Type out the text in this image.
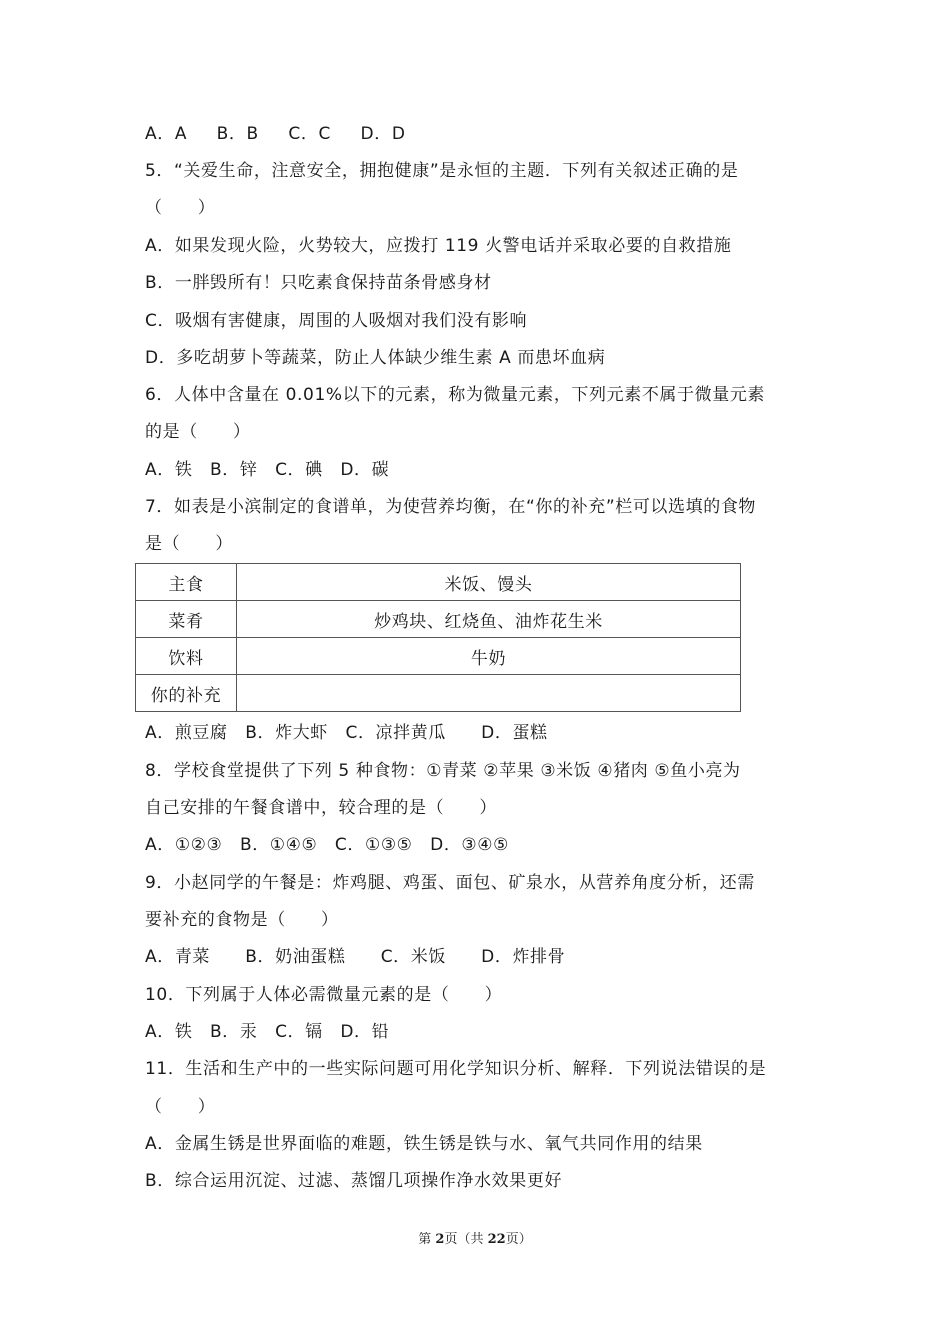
A．A　  B．B　  C．C　  D．D
5．“关爱生命，注意安全，拥抱健康”是永恒的主题．下列有关叙述正确的是
（　　）
A．如果发现火险，火势较大，应拨打 119 火警电话并采取必要的自救措施
B．一胖毁所有！只吃素食保持苗条骨感身材
C．吸烟有害健康，周围的人吸烟对我们没有影响
D．多吃胡萝卜等蔬菜，防止人体缺少维生素 A 而患坏血病
6．人体中含量在 0.01%以下的元素，称为微量元素，下列元素不属于微量元素
的是（　　）
A．铁　B．锌　C．碘　D．碳
7．如表是小滨制定的食谱单，为使营养均衡，在“你的补充”栏可以选填的食物
是（　　）
主食	米饭、馒头
菜肴	炒鸡块、红烧鱼、油炸花生米
饮料	牛奶
你的补充	
A．煎豆腐　B．炸大虾　C．凉拌黄瓜　　D．蛋糕
8．学校食堂提供了下列 5 种食物：①青菜 ②苹果 ③米饭 ④猪肉 ⑤鱼小亮为
自己安排的午餐食谱中，较合理的是（　　）
A．①②③　B．①④⑤　C．①③⑤　D．③④⑤
9．小赵同学的午餐是：炸鸡腿、鸡蛋、面包、矿泉水，从营养角度分析，还需
要补充的食物是（　　）
A．青菜　　B．奶油蛋糕　　C．米饭　　D．炸排骨
10．下列属于人体必需微量元素的是（　　）
A．铁　B．汞　C．镉　D．铅
11．生活和生产中的一些实际问题可用化学知识分析、解释．下列说法错误的是
（　　）
A．金属生锈是世界面临的难题，铁生锈是铁与水、氧气共同作用的结果
B．综合运用沉淀、过滤、蒸馏几项操作净水效果更好
第 2页（共 22页）
